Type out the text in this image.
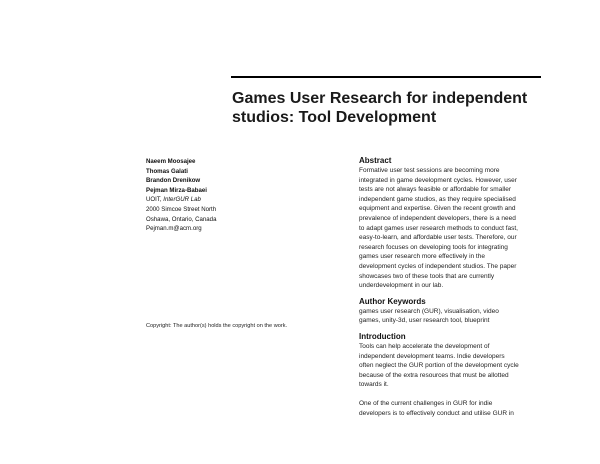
Games User Research for independent
studios: Tool Development
Naeem Moosajee
Thomas Galati
Brandon Drenikow
Pejman Mirza-Babaei
UOIT, InterGUR Lab
2000 Simcoe Street North
Oshawa, Ontario, Canada
Pejman.m@acm.org
Copyright: The author(s) holds the copyright on the work.
Abstract
Formative user test sessions are becoming more
integrated in game development cycles. However, user
tests are not always feasible or affordable for smaller
independent game studios, as they require specialised
equipment and expertise. Given the recent growth and
prevalence of independent developers, there is a need
to adapt games user research methods to conduct fast,
easy-to-learn, and affordable user tests. Therefore, our
research focuses on developing tools for integrating
games user research more effectively in the
development cycles of independent studios. The paper
showcases two of these tools that are currently
underdevelopment in our lab.
Author Keywords
games user research (GUR), visualisation, video
games, unity-3d, user research tool, blueprint
Introduction
Tools can help accelerate the development of
independent development teams. Indie developers
often neglect the GUR portion of the development cycle
because of the extra resources that must be allotted
towards it.
One of the current challenges in GUR for indie
developers is to effectively conduct and utilise GUR in
